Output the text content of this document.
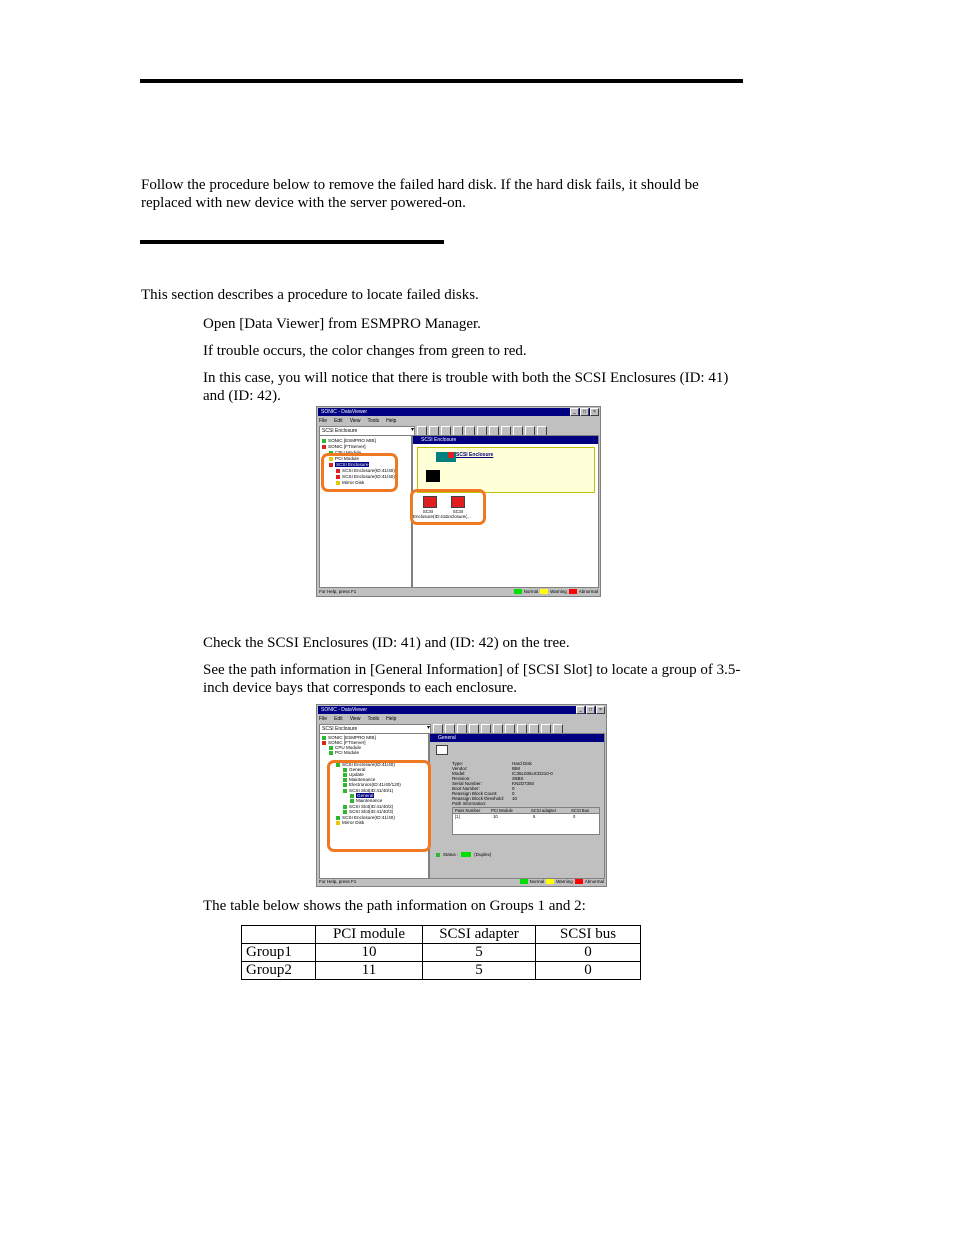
Follow the procedure below to remove the failed hard disk. If the hard disk fails, it should be replaced with new device with the server powered-on.

This section describes a procedure to locate failed disks.

Open [Data Viewer] from ESMPRO Manager.

If trouble occurs, the color changes from green to red.

In this case, you will notice that there is trouble with both the SCSI Enclosures (ID: 41) and (ID: 42).

SONIC - DataViewer	_	□	×
File Edit View Tools Help
SCSI Enclosure ▾
SONIC [ESMPRO MIB]
SONIC [FTServer]
CPU Module
PCI Module
SCSI Enclosure
SCSI Enclosure(ID:41/40)
SCSI Enclosure(ID:41/40)
Mirror Disk
SCSI Enclosure
SCSI Enclosure
SCSI Enclosure(ID:41...
SCSI Enclosure(...
For Help, press F1	Normal	Warning	Abnormal

Check the SCSI Enclosures (ID: 41) and (ID: 42) on the tree.

See the path information in [General Information] of [SCSI Slot] to locate a group of 3.5-inch device bays that corresponds to each enclosure.

SONIC - DataViewer	_	□	×
File Edit View Tools Help
SCSI Enclosure ▾
SONIC [ESMPRO MIB]
SONIC [FTServer]
CPU Module
PCI Module
SCSI Enclosure(ID:41/40)
General
Update
Maintenance
Electronics(ID:41/40/120)
SCSI Slot(ID:41/40/1)
General
Maintenance
SCSI Slot(ID:41/40/2)
SCSI Slot(ID:41/40/3)
SCSI Enclosure(ID:41/40)
Mirror Disk
General
Type:	Hard Disk
Vendor:	IBM
Model:	IC35L036UCD210-0
Revision:	S5BS
Serial Number:	KN2D7350
Boot Number:	0
Reassign Block Count:	0
Reassign Block threshold: 10
Path Information:
Pass Number	PCI Module	SCSI adapter	SCSI Bus
[1]	10	5	0
Status :	(Duplex)
For Help, press F1	Normal	Warning	Abnormal

The table below shows the path information on Groups 1 and 2:

	PCI module	SCSI adapter	SCSI bus
Group1	10	5	0
Group2	11	5	0
